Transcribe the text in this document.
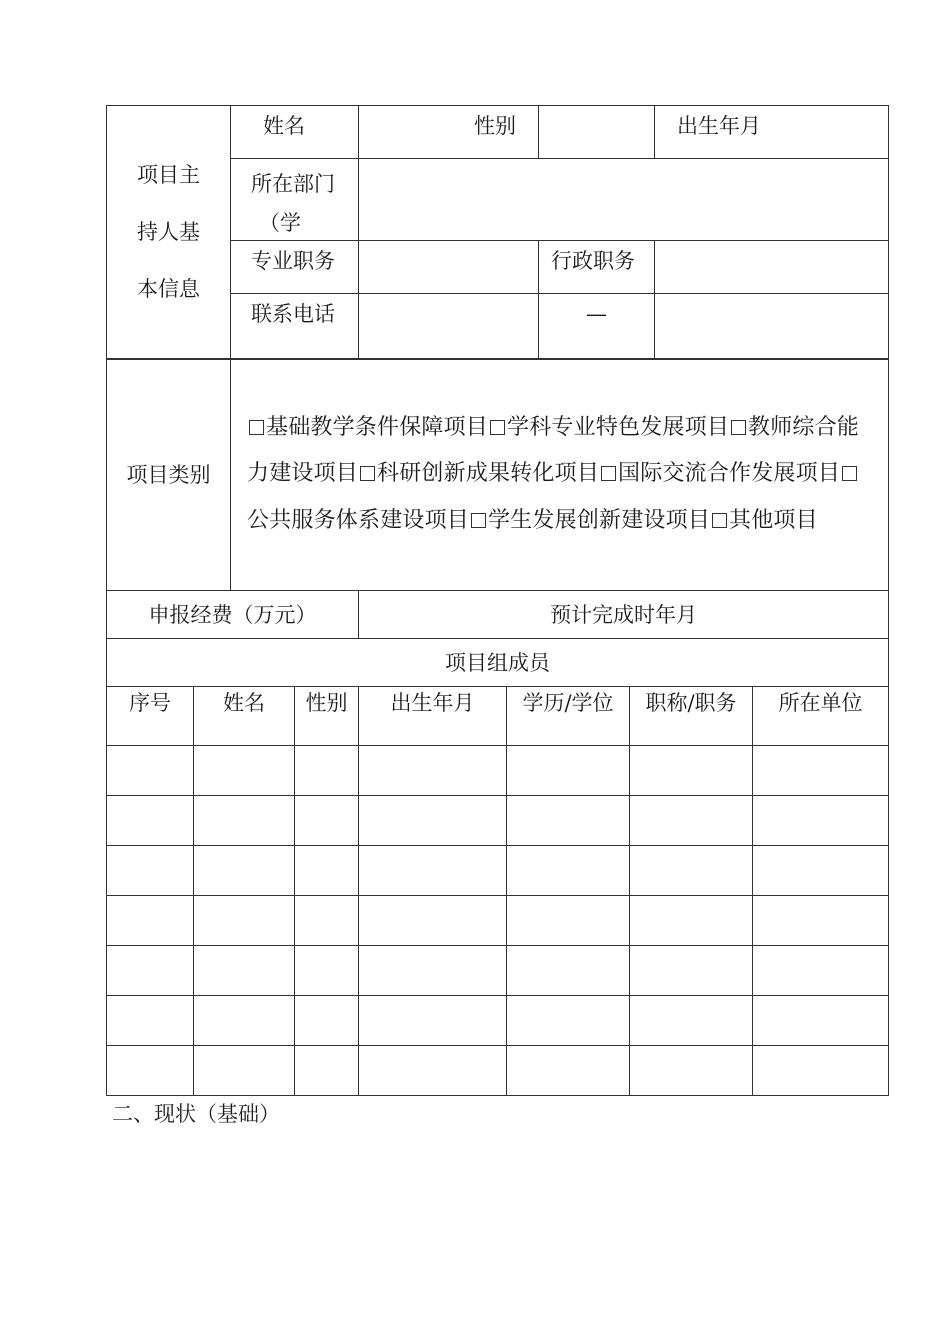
项目主
持人基
本信息	姓名	性别		出生年月

	所在部门
（学			

	专业职务		行政职务	
	联系电话		—	
项目类别	基础教学条件保障项目 学科专业特色发展项目 教师综合能力建设项目 科研创新成果转化项目 国际交流合作发展项目公共服务体系建设项目 学生发展创新建设项目 其他项目
申报经费（万元）	预计完成时年月
项目组成员						
序号	姓名	性别	出生年月	学历/学位	职称/职务	所在单位

二、现状（基础）
